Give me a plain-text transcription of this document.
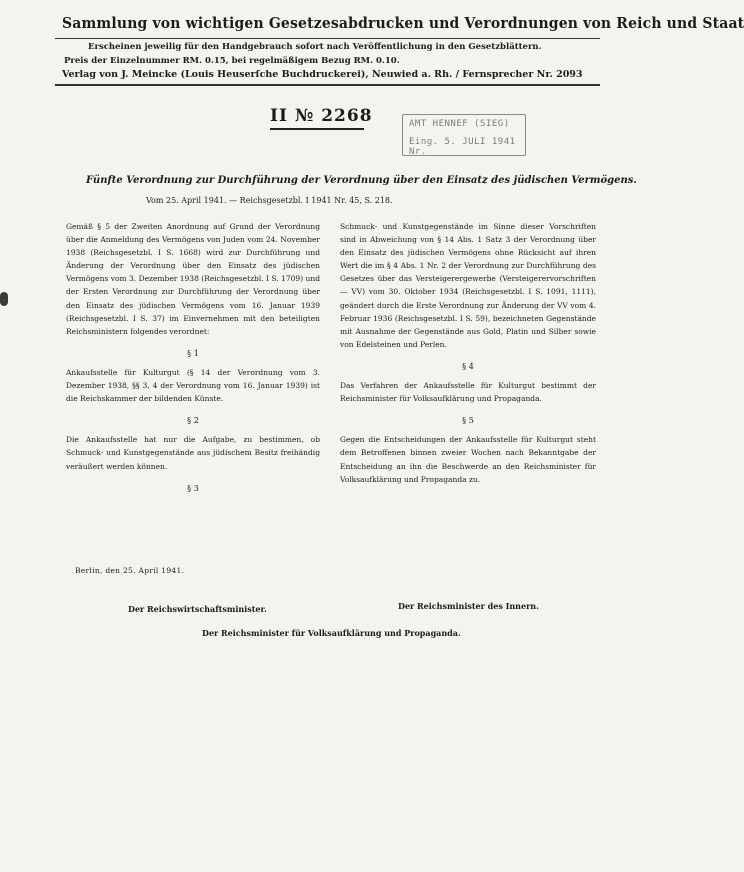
Sammlung von wichtigen Gesetzesabdrucken und Verordnungen von Reich und Staat
Erscheinen jeweilig für den Handgebrauch sofort nach Veröffentlichung in den Gesetzblättern.
Preis der Einzelnummer RM. 0.15, bei regelmäßigem Bezug RM. 0.10.
Verlag von J. Meincke (Louis Heuserſche Buchdruckerei), Neuwied a. Rh. / Fernsprecher Nr. 2093
II № 2268	AMT HENNEF (SIEG)
Eing. 5. JULI 1941 Nr.
Fünfte Verordnung zur Durchführung der Verordnung über den Einsatz des jüdischen Vermögens.
Vom 25. April 1941. — Reichsgesetzbl. I 1941 Nr. 45, S. 218.

Gemäß § 5 der Zweiten Anordnung auf Grund der Verordnung über die Anmeldung des Vermögens von Juden vom 24. November 1938 (Reichsgesetzbl. I S. 1668) wird zur Durchführung und Änderung der Verordnung über den Einsatz des jüdischen Vermögens vom 3. Dezember 1938 (Reichsgesetzbl. I S. 1709) und der Ersten Verordnung zur Durchführung der Verordnung über den Einsatz des jüdischen Vermögens vom 16. Januar 1939 (Reichsgesetzbl. I S. 37) im Einvernehmen mit den beteiligten Reichsministern folgendes verordnet:

§ 1

Ankaufsstelle für Kulturgut (§ 14 der Verordnung vom 3. Dezember 1938, §§ 3, 4 der Verordnung vom 16. Januar 1939) ist die Reichskammer der bildenden Künste.

§ 2

Die Ankaufsstelle hat nur die Aufgabe, zu bestimmen, ob Schmuck- und Kunstgegenstände aus jüdischem Besitz freihändig veräußert werden können.

§ 3

Schmuck- und Kunstgegenstände im Sinne dieser Vorschriften sind in Abweichung von § 14 Abs. 1 Satz 3 der Verordnung über den Einsatz des jüdischen Vermögens ohne Rücksicht auf ihren Wert die im § 4 Abs. 1 Nr. 2 der Verordnung zur Durchführung des Gesetzes über das Versteigerergewerbe (Versteigerervorschriften — VV) vom 30. Oktober 1934 (Reichsgesetzbl. I S. 1091, 1111), geändert durch die Erste Verordnung zur Änderung der VV vom 4. Februar 1936 (Reichsgesetzbl. I S. 59), bezeichneten Gegenstände mit Ausnahme der Gegenstände aus Gold, Platin und Silber sowie von Edelsteinen und Perlen.

§ 4

Das Verfahren der Ankaufsstelle für Kulturgut bestimmt der Reichsminister für Volksaufklärung und Propaganda.

§ 5

Gegen die Entscheidungen der Ankaufsstelle für Kulturgut steht dem Betroffenen binnen zweier Wochen nach Bekanntgabe der Entscheidung an ihn die Beschwerde an den Reichsminister für Volksaufklärung und Propaganda zu.

Berlin, den 25. April 1941.
Der Reichswirtschaftsminister.	Der Reichsminister des Innern.
Der Reichsminister für Volksaufklärung und Propaganda.
